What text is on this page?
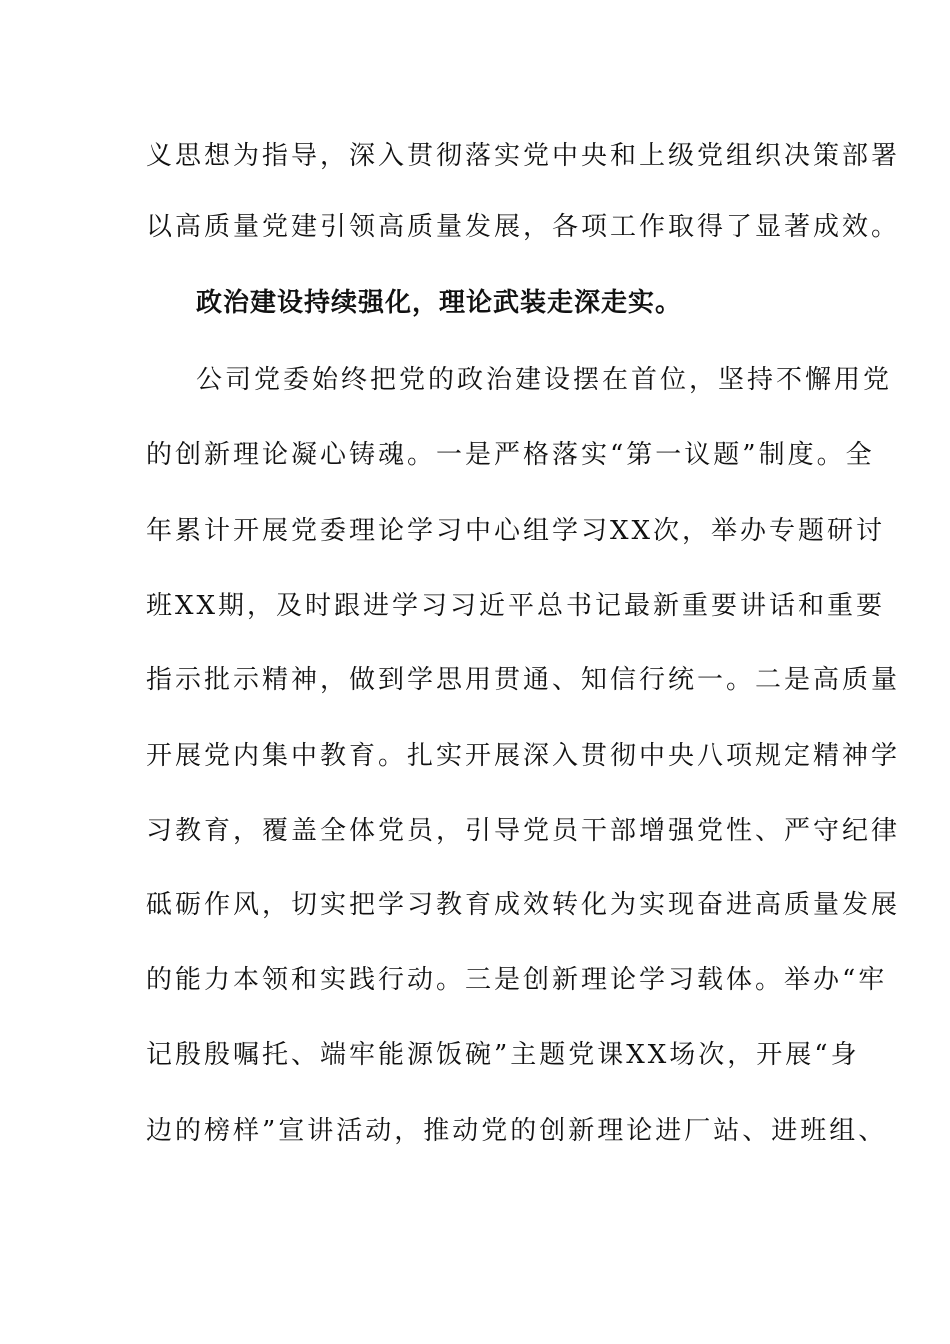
义思想为指导，深入贯彻落实党中央和上级党组织决策部署
以高质量党建引领高质量发展，各项工作取得了显著成效。
政治建设持续强化，理论武装走深走实。
公司党委始终把党的政治建设摆在首位，坚持不懈用党
的创新理论凝心铸魂。一是严格落实“第一议题”制度。全
年累计开展党委理论学习中心组学习XX次，举办专题研讨
班XX期，及时跟进学习习近平总书记最新重要讲话和重要
指示批示精神，做到学思用贯通、知信行统一。二是高质量
开展党内集中教育。扎实开展深入贯彻中央八项规定精神学
习教育，覆盖全体党员，引导党员干部增强党性、严守纪律
砥砺作风，切实把学习教育成效转化为实现奋进高质量发展
的能力本领和实践行动。三是创新理论学习载体。举办“牢
记殷殷嘱托、端牢能源饭碗”主题党课XX场次，开展“身
边的榜样”宣讲活动，推动党的创新理论进厂站、进班组、
